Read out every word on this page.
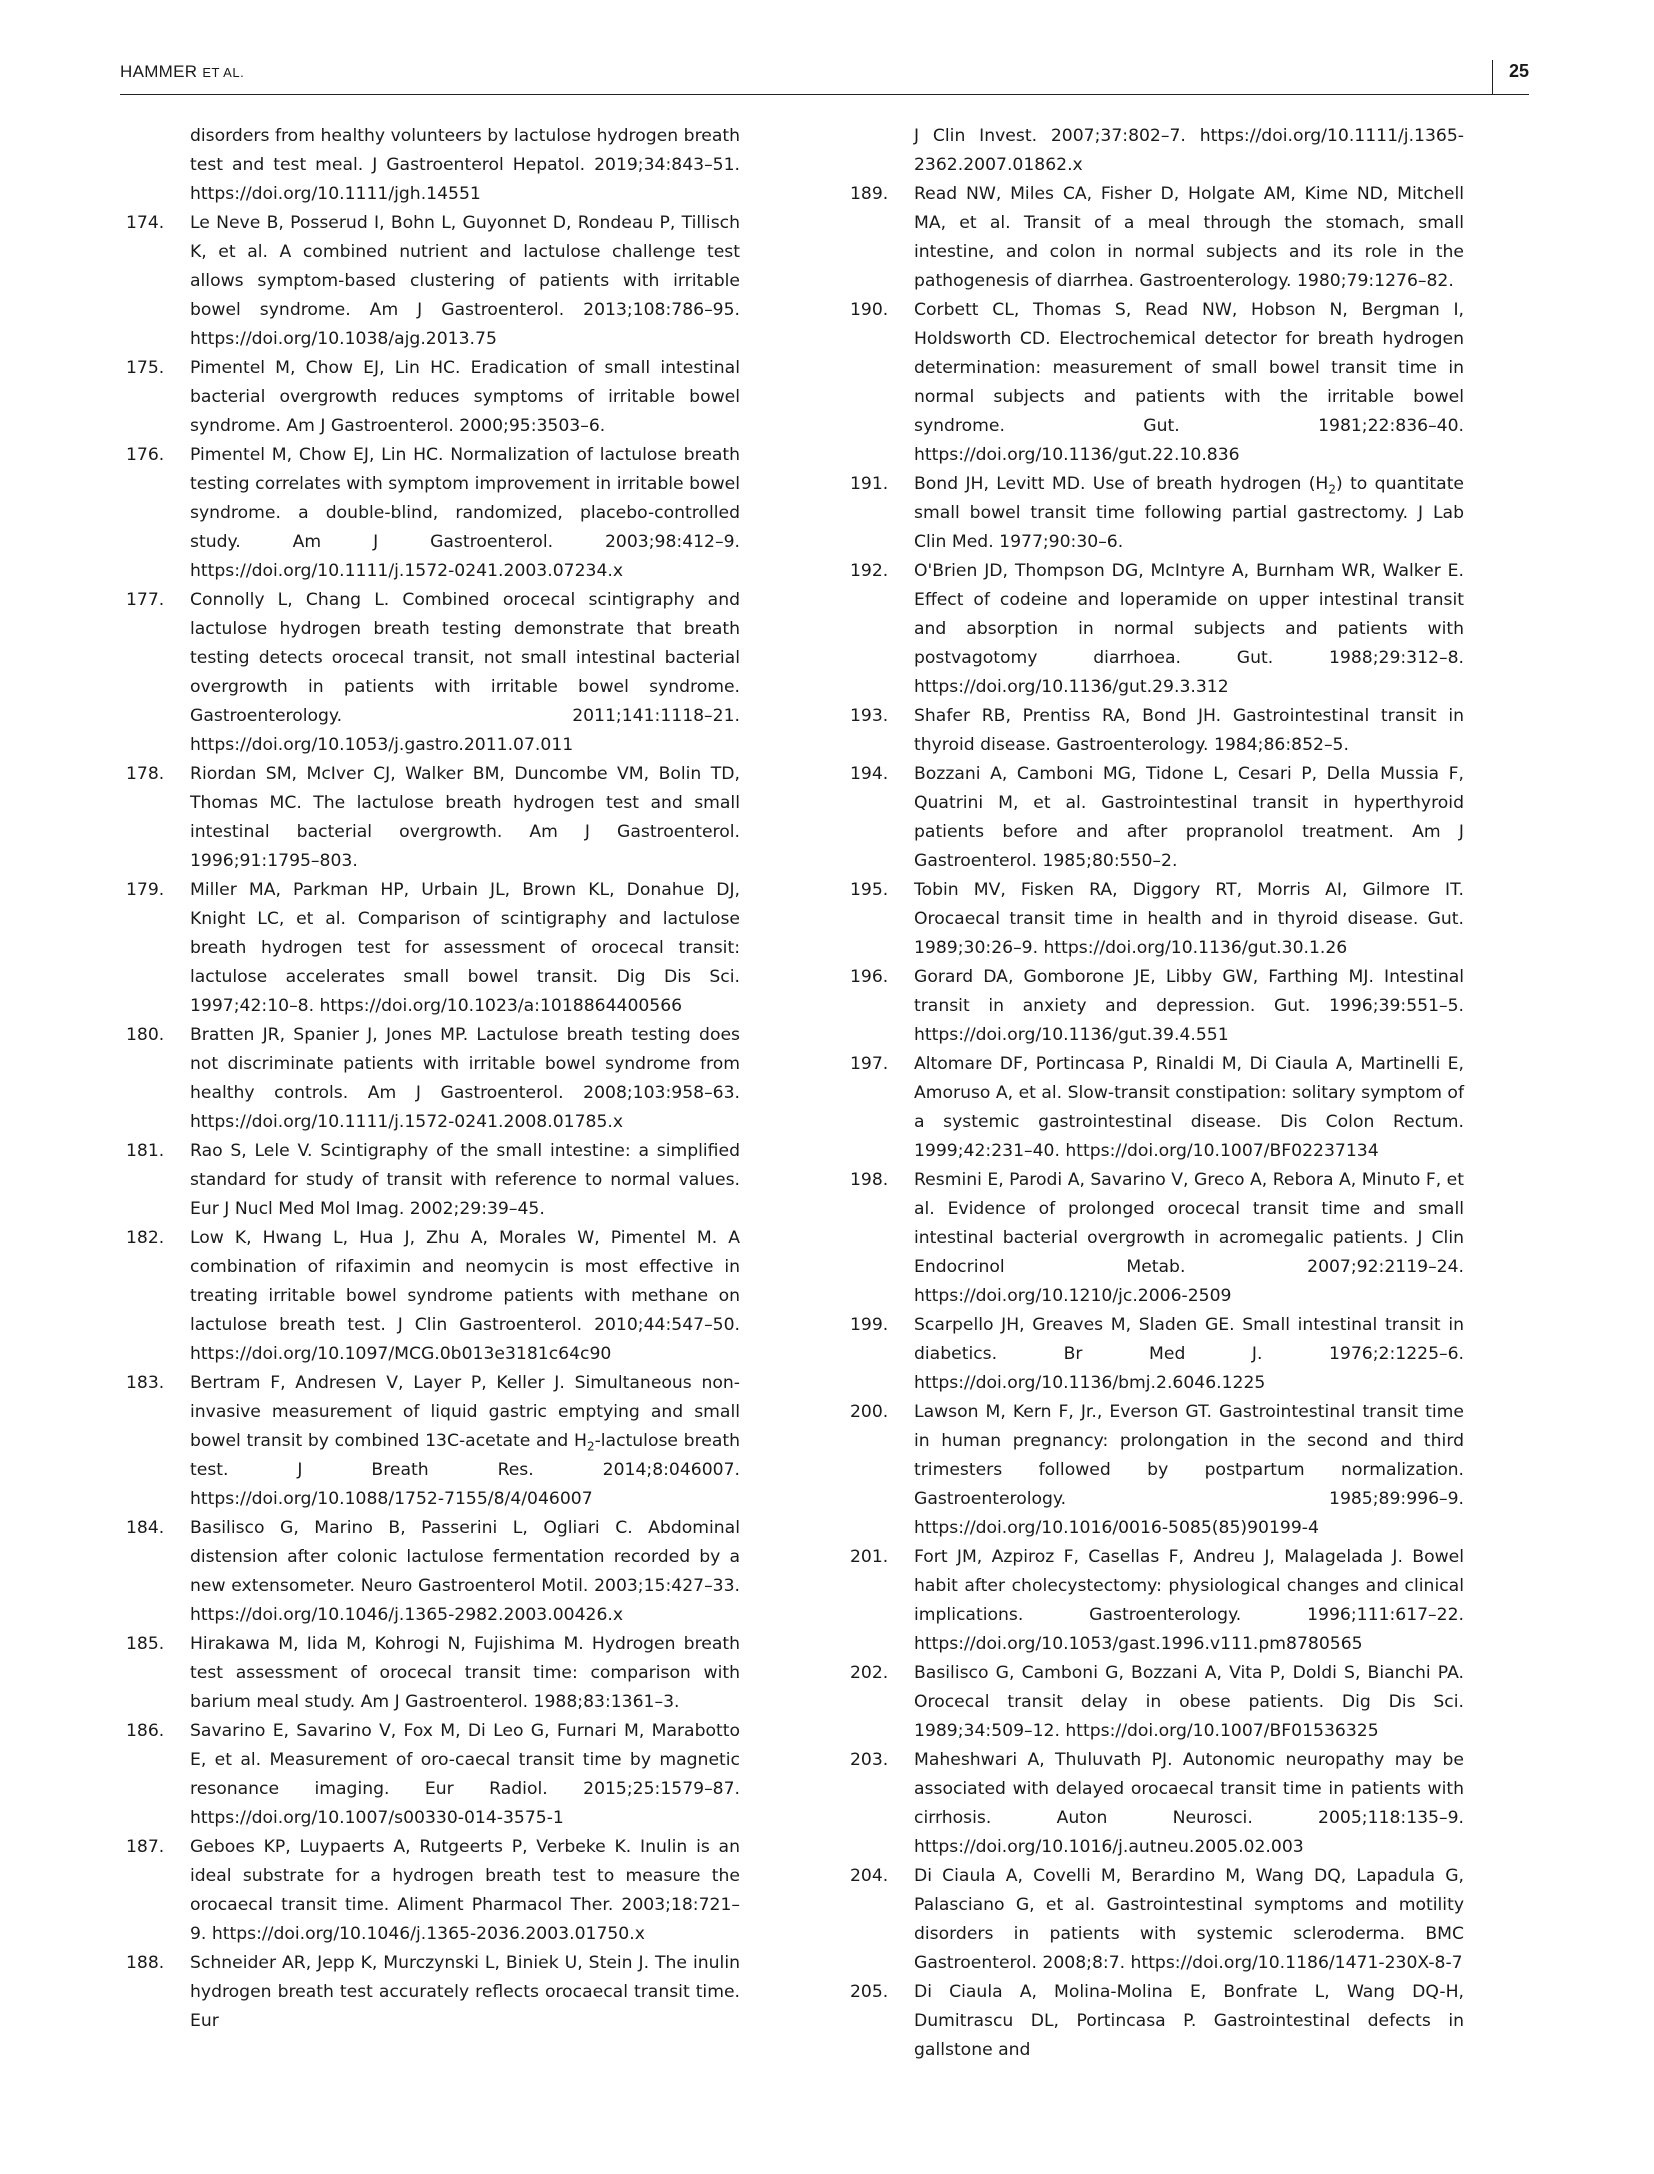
HAMMER ET AL.	25
disorders from healthy volunteers by lactulose hydrogen breath test and test meal. J Gastroenterol Hepatol. 2019;34:843–51. https://doi.org/10.1111/jgh.14551
174. Le Neve B, Posserud I, Bohn L, Guyonnet D, Rondeau P, Tillisch K, et al. A combined nutrient and lactulose challenge test allows symptom-based clustering of patients with irritable bowel syndrome. Am J Gastroenterol. 2013;108:786–95. https://doi.org/10.1038/ajg.2013.75
175. Pimentel M, Chow EJ, Lin HC. Eradication of small intestinal bacterial overgrowth reduces symptoms of irritable bowel syndrome. Am J Gastroenterol. 2000;95:3503–6.
176. Pimentel M, Chow EJ, Lin HC. Normalization of lactulose breath testing correlates with symptom improvement in irritable bowel syndrome. a double-blind, randomized, placebo-controlled study. Am J Gastroenterol. 2003;98:412–9. https://doi.org/10.1111/j.1572-0241.2003.07234.x
177. Connolly L, Chang L. Combined orocecal scintigraphy and lactulose hydrogen breath testing demonstrate that breath testing detects orocecal transit, not small intestinal bacterial overgrowth in patients with irritable bowel syndrome. Gastroenterology. 2011;141:1118–21. https://doi.org/10.1053/j.gastro.2011.07.011
178. Riordan SM, McIver CJ, Walker BM, Duncombe VM, Bolin TD, Thomas MC. The lactulose breath hydrogen test and small intestinal bacterial overgrowth. Am J Gastroenterol. 1996;91:1795–803.
179. Miller MA, Parkman HP, Urbain JL, Brown KL, Donahue DJ, Knight LC, et al. Comparison of scintigraphy and lactulose breath hydrogen test for assessment of orocecal transit: lactulose accelerates small bowel transit. Dig Dis Sci. 1997;42:10–8. https://doi.org/10.1023/a:1018864400566
180. Bratten JR, Spanier J, Jones MP. Lactulose breath testing does not discriminate patients with irritable bowel syndrome from healthy controls. Am J Gastroenterol. 2008;103:958–63. https://doi.org/10.1111/j.1572-0241.2008.01785.x
181. Rao S, Lele V. Scintigraphy of the small intestine: a simplified standard for study of transit with reference to normal values. Eur J Nucl Med Mol Imag. 2002;29:39–45.
182. Low K, Hwang L, Hua J, Zhu A, Morales W, Pimentel M. A combination of rifaximin and neomycin is most effective in treating irritable bowel syndrome patients with methane on lactulose breath test. J Clin Gastroenterol. 2010;44:547–50. https://doi.org/10.1097/MCG.0b013e3181c64c90
183. Bertram F, Andresen V, Layer P, Keller J. Simultaneous non-invasive measurement of liquid gastric emptying and small bowel transit by combined 13C-acetate and $H_2$-lactulose breath test. J Breath Res. 2014;8:046007. https://doi.org/10.1088/1752-7155/8/4/046007
184. Basilisco G, Marino B, Passerini L, Ogliari C. Abdominal distension after colonic lactulose fermentation recorded by a new extensometer. Neuro Gastroenterol Motil. 2003;15:427–33. https://doi.org/10.1046/j.1365-2982.2003.00426.x
185. Hirakawa M, Iida M, Kohrogi N, Fujishima M. Hydrogen breath test assessment of orocecal transit time: comparison with barium meal study. Am J Gastroenterol. 1988;83:1361–3.
186. Savarino E, Savarino V, Fox M, Di Leo G, Furnari M, Marabotto E, et al. Measurement of oro-caecal transit time by magnetic resonance imaging. Eur Radiol. 2015;25:1579–87. https://doi.org/10.1007/s00330-014-3575-1
187. Geboes KP, Luypaerts A, Rutgeerts P, Verbeke K. Inulin is an ideal substrate for a hydrogen breath test to measure the orocaecal transit time. Aliment Pharmacol Ther. 2003;18:721–9. https://doi.org/10.1046/j.1365-2036.2003.01750.x
188. Schneider AR, Jepp K, Murczynski L, Biniek U, Stein J. The inulin hydrogen breath test accurately reflects orocaecal transit time. Eur
J Clin Invest. 2007;37:802–7. https://doi.org/10.1111/j.1365-2362.2007.01862.x
189. Read NW, Miles CA, Fisher D, Holgate AM, Kime ND, Mitchell MA, et al. Transit of a meal through the stomach, small intestine, and colon in normal subjects and its role in the pathogenesis of diarrhea. Gastroenterology. 1980;79:1276–82.
190. Corbett CL, Thomas S, Read NW, Hobson N, Bergman I, Holdsworth CD. Electrochemical detector for breath hydrogen determination: measurement of small bowel transit time in normal subjects and patients with the irritable bowel syndrome. Gut. 1981;22:836–40. https://doi.org/10.1136/gut.22.10.836
191. Bond JH, Levitt MD. Use of breath hydrogen $(H_2)$ to quantitate small bowel transit time following partial gastrectomy. J Lab Clin Med. 1977;90:30–6.
192. O'Brien JD, Thompson DG, McIntyre A, Burnham WR, Walker E. Effect of codeine and loperamide on upper intestinal transit and absorption in normal subjects and patients with postvagotomy diarrhoea. Gut. 1988;29:312–8. https://doi.org/10.1136/gut.29.3.312
193. Shafer RB, Prentiss RA, Bond JH. Gastrointestinal transit in thyroid disease. Gastroenterology. 1984;86:852–5.
194. Bozzani A, Camboni MG, Tidone L, Cesari P, Della Mussia F, Quatrini M, et al. Gastrointestinal transit in hyperthyroid patients before and after propranolol treatment. Am J Gastroenterol. 1985;80:550–2.
195. Tobin MV, Fisken RA, Diggory RT, Morris AI, Gilmore IT. Orocaecal transit time in health and in thyroid disease. Gut. 1989;30:26–9. https://doi.org/10.1136/gut.30.1.26
196. Gorard DA, Gomborone JE, Libby GW, Farthing MJ. Intestinal transit in anxiety and depression. Gut. 1996;39:551–5. https://doi.org/10.1136/gut.39.4.551
197. Altomare DF, Portincasa P, Rinaldi M, Di Ciaula A, Martinelli E, Amoruso A, et al. Slow-transit constipation: solitary symptom of a systemic gastrointestinal disease. Dis Colon Rectum. 1999;42:231–40. https://doi.org/10.1007/BF02237134
198. Resmini E, Parodi A, Savarino V, Greco A, Rebora A, Minuto F, et al. Evidence of prolonged orocecal transit time and small intestinal bacterial overgrowth in acromegalic patients. J Clin Endocrinol Metab. 2007;92:2119–24. https://doi.org/10.1210/jc.2006-2509
199. Scarpello JH, Greaves M, Sladen GE. Small intestinal transit in diabetics. Br Med J. 1976;2:1225–6. https://doi.org/10.1136/bmj.2.6046.1225
200. Lawson M, Kern F, Jr., Everson GT. Gastrointestinal transit time in human pregnancy: prolongation in the second and third trimesters followed by postpartum normalization. Gastroenterology. 1985;89:996–9. https://doi.org/10.1016/0016-5085(85)90199-4
201. Fort JM, Azpiroz F, Casellas F, Andreu J, Malagelada J. Bowel habit after cholecystectomy: physiological changes and clinical implications. Gastroenterology. 1996;111:617–22. https://doi.org/10.1053/gast.1996.v111.pm8780565
202. Basilisco G, Camboni G, Bozzani A, Vita P, Doldi S, Bianchi PA. Orocecal transit delay in obese patients. Dig Dis Sci. 1989;34:509–12. https://doi.org/10.1007/BF01536325
203. Maheshwari A, Thuluvath PJ. Autonomic neuropathy may be associated with delayed orocaecal transit time in patients with cirrhosis. Auton Neurosci. 2005;118:135–9. https://doi.org/10.1016/j.autneu.2005.02.003
204. Di Ciaula A, Covelli M, Berardino M, Wang DQ, Lapadula G, Palasciano G, et al. Gastrointestinal symptoms and motility disorders in patients with systemic scleroderma. BMC Gastroenterol. 2008;8:7. https://doi.org/10.1186/1471-230X-8-7
205. Di Ciaula A, Molina-Molina E, Bonfrate L, Wang DQ-H, Dumitrascu DL, Portincasa P. Gastrointestinal defects in gallstone and
